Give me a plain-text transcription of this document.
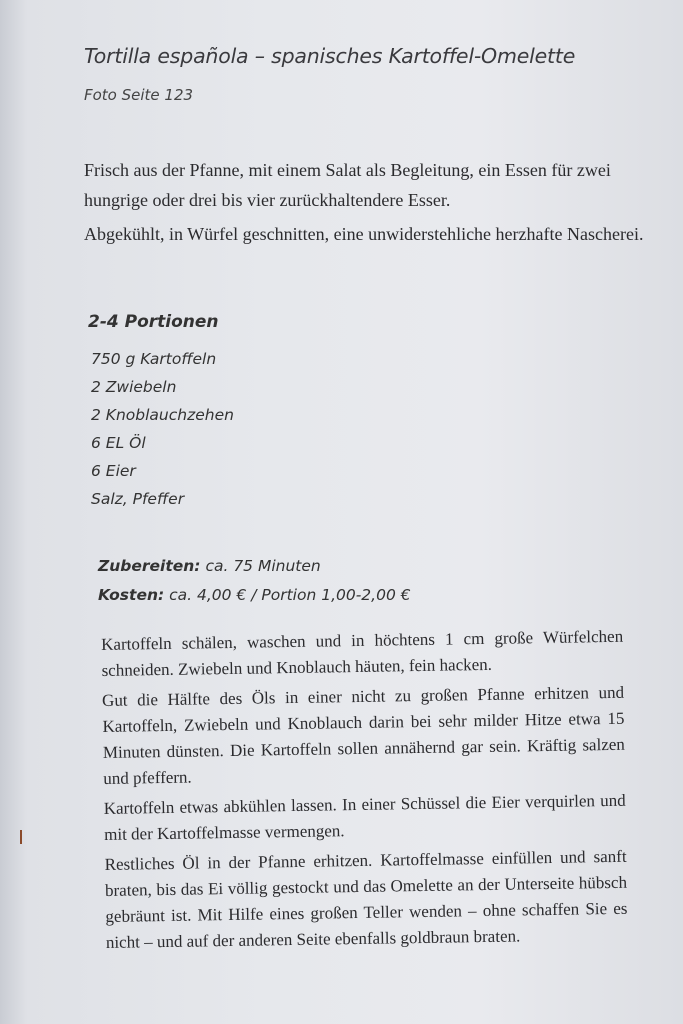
Tortilla española – spanisches Kartoffel-Omelette
Foto Seite 123

Frisch aus der Pfanne, mit einem Salat als Begleitung, ein Essen für zwei hungrige oder drei bis vier zurückhaltendere Esser.

Abgekühlt, in Würfel geschnitten, eine unwiderstehliche herzhafte Nascherei.

2-4 Portionen
750 g Kartoffeln
2 Zwiebeln
2 Knoblauchzehen
6 EL Öl
6 Eier
Salz, Pfeffer
Zubereiten: ca. 75 Minuten
Kosten: ca. 4,00 € / Portion 1,00-2,00 €

Kartoffeln schälen, waschen und in höchtens 1 cm große Würfelchen schneiden. Zwiebeln und Knoblauch häuten, fein hacken.

Gut die Hälfte des Öls in einer nicht zu großen Pfanne erhitzen und Kartoffeln, Zwiebeln und Knoblauch darin bei sehr milder Hitze etwa 15 Minuten dünsten. Die Kartoffeln sollen annähernd gar sein. Kräftig salzen und pfeffern.

Kartoffeln etwas abkühlen lassen. In einer Schüssel die Eier verquirlen und mit der Kartoffelmasse vermengen.

Restliches Öl in der Pfanne erhitzen. Kartoffelmasse einfüllen und sanft braten, bis das Ei völlig gestockt und das Omelette an der Unterseite hübsch gebräunt ist. Mit Hilfe eines großen Teller wenden – ohne schaffen Sie es nicht – und auf der anderen Seite ebenfalls goldbraun braten.
